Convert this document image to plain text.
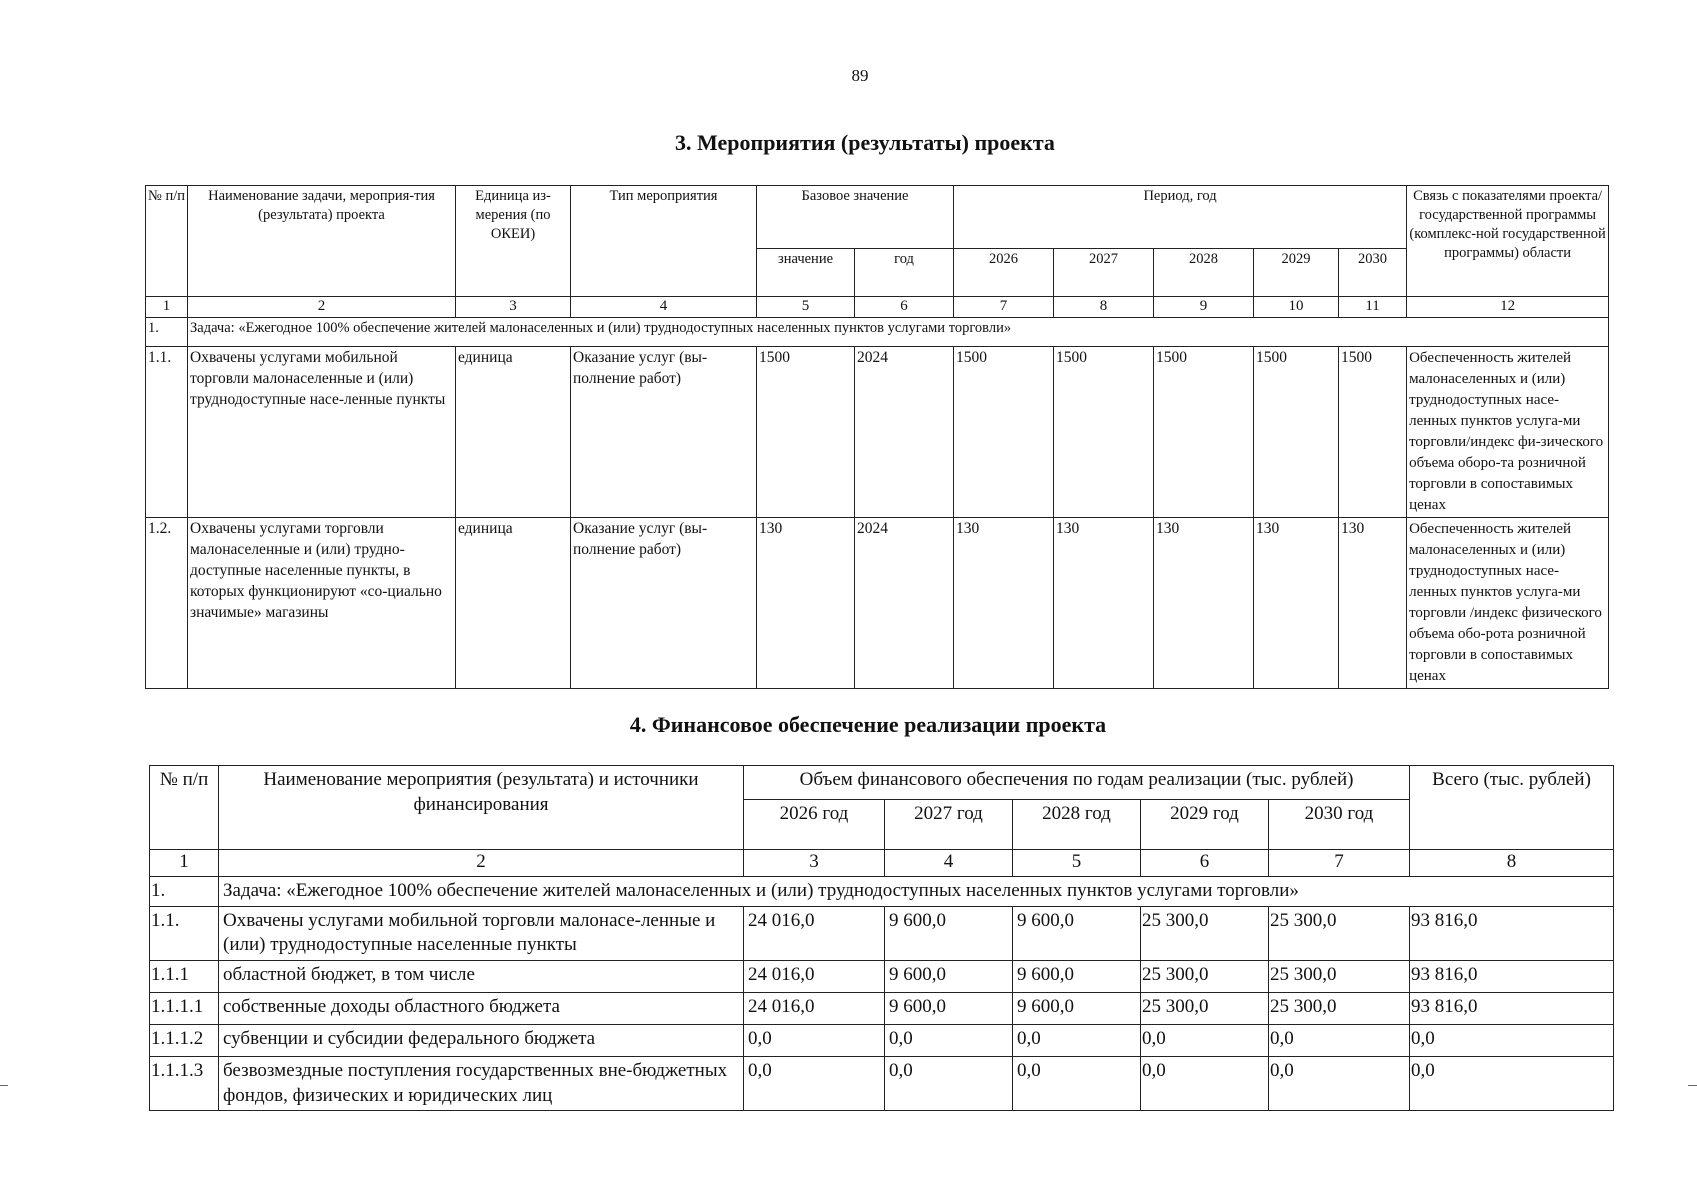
89
3. Мероприятия (результаты) проекта
№ п/п	Наименование задачи, мероприя-тия (результата) проекта	Единица из-мерения (по ОКЕИ)	Тип мероприятия	Базовое значение		Период, год					Связь с показателями проекта/государственной программы (комплекс-ной государственной программы) области
				значение	год	2026	2027	2028	2029	2030	
1	2	3	4	5	6	7	8	9	10	11	12
1.	Задача: «Ежегодное 100% обеспечение жителей малонаселенных и (или) труднодоступных населенных пунктов услугами торговли»										
1.1.	Охвачены услугами мобильной торговли малонаселенные и (или) труднодоступные насе-ленные пункты	единица	Оказание услуг (вы-полнение работ)	1500	2024	1500	1500	1500	1500	1500	Обеспеченность жителей малонаселенных и (или) труднодоступных насе-ленных пунктов услуга-ми торговли/индекс фи-зического объема оборо-та розничной торговли в сопоставимых ценах
1.2.	Охвачены услугами торговли малонаселенные и (или) трудно-доступные населенные пункты, в которых функционируют «со-циально значимые» магазины	единица	Оказание услуг (вы-полнение работ)	130	2024	130	130	130	130	130	Обеспеченность жителей малонаселенных и (или) труднодоступных насе-ленных пунктов услуга-ми торговли /индекс физического объема обо-рота розничной торговли в сопоставимых ценах
4. Финансовое обеспечение реализации проекта
№ п/п	Наименование мероприятия (результата) и источники финансирования	Объем финансового обеспечения по годам реализации (тыс. рублей)					Всего (тыс. рублей)
		2026 год	2027 год	2028 год	2029 год	2030 год	
1	2	3	4	5	6	7	8
1.	Задача: «Ежегодное 100% обеспечение жителей малонаселенных и (или) труднодоступных населенных пунктов услугами торговли»						
1.1.	Охвачены услугами мобильной торговли малонасе-ленные и (или) труднодоступные населенные пункты	24 016,0	9 600,0	9 600,0	25 300,0	25 300,0	93 816,0
1.1.1	областной бюджет, в том числе	24 016,0	9 600,0	9 600,0	25 300,0	25 300,0	93 816,0
1.1.1.1	собственные доходы областного бюджета	24 016,0	9 600,0	9 600,0	25 300,0	25 300,0	93 816,0
1.1.1.2	субвенции и субсидии федерального бюджета	0,0	0,0	0,0	0,0	0,0	0,0
1.1.1.3	безвозмездные поступления государственных вне-бюджетных фондов, физических и юридических лиц	0,0	0,0	0,0	0,0	0,0	0,0
